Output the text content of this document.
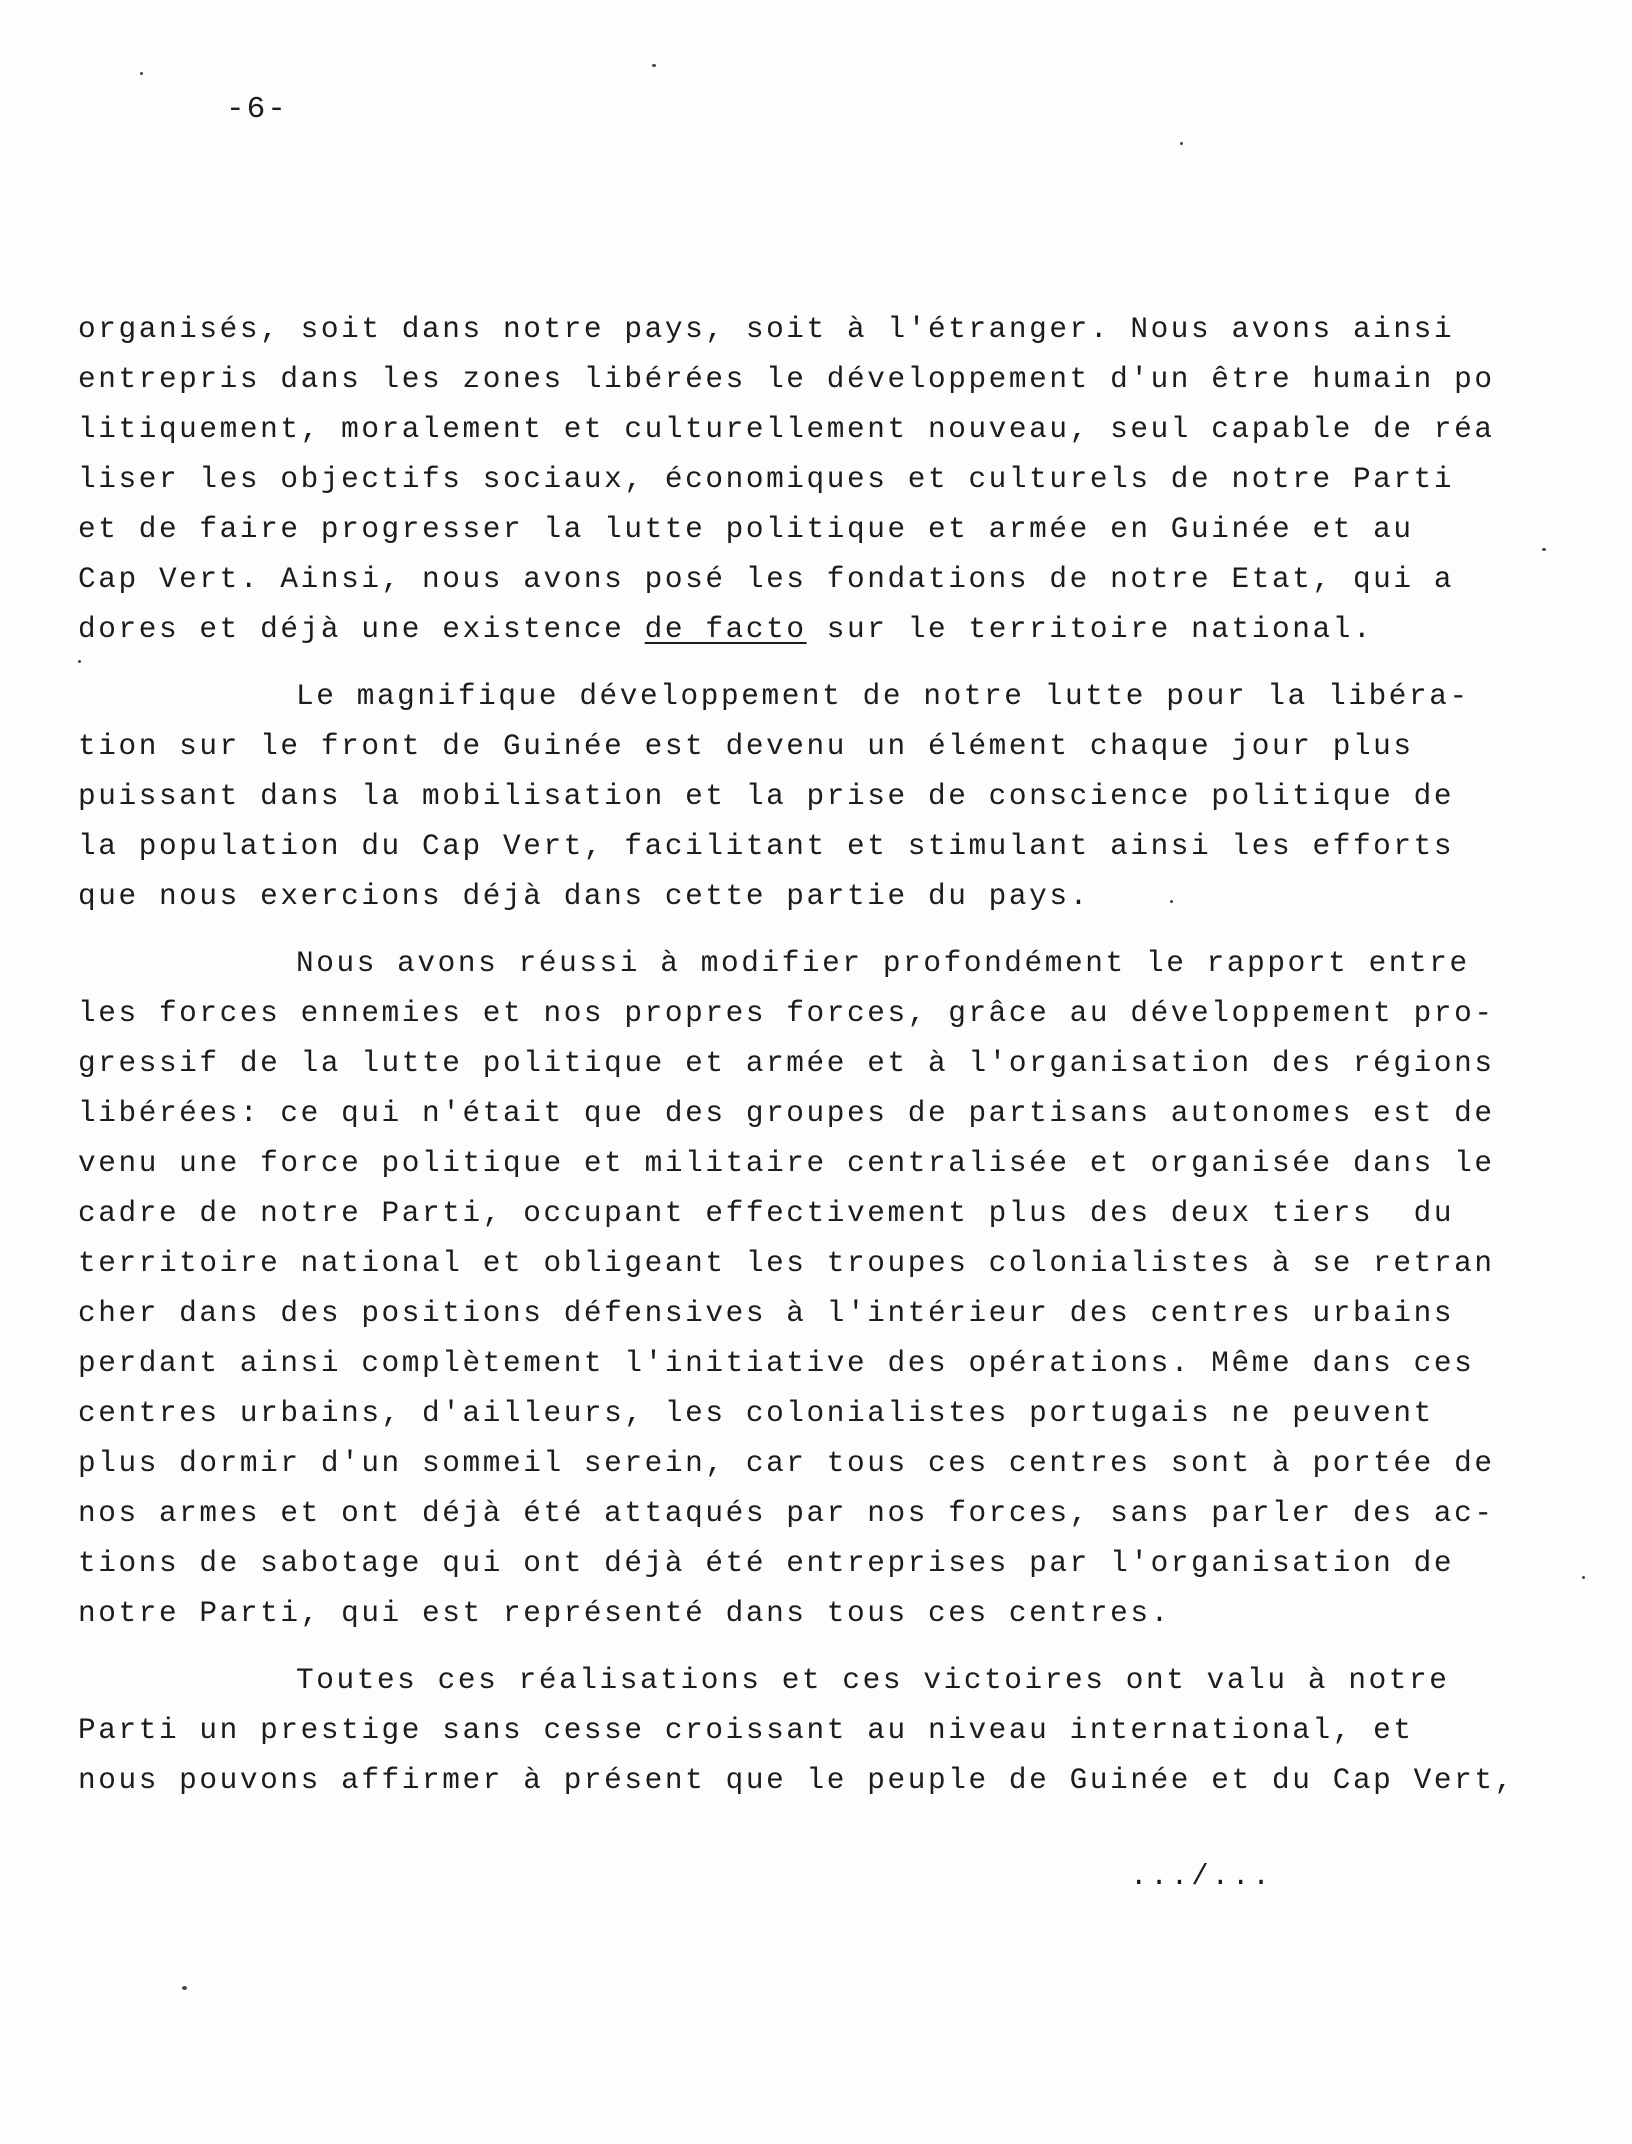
-6-
organisés, soit dans notre pays, soit à l'étranger. Nous avons ainsi
entrepris dans les zones libérées le développement d'un être humain po
litiquement, moralement et culturellement nouveau, seul capable de réa
liser les objectifs sociaux, économiques et culturels de notre Parti
et de faire progresser la lutte politique et armée en Guinée et au
Cap Vert. Ainsi, nous avons posé les fondations de notre Etat, qui a
dores et déjà une existence de facto sur le territoire national.
Le magnifique développement de notre lutte pour la libéra-
tion sur le front de Guinée est devenu un élément chaque jour plus
puissant dans la mobilisation et la prise de conscience politique de
la population du Cap Vert, facilitant et stimulant ainsi les efforts
que nous exercions déjà dans cette partie du pays.
Nous avons réussi à modifier profondément le rapport entre
les forces ennemies et nos propres forces, grâce au développement pro-
gressif de la lutte politique et armée et à l'organisation des régions
libérées: ce qui n'était que des groupes de partisans autonomes est de
venu une force politique et militaire centralisée et organisée dans le
cadre de notre Parti, occupant effectivement plus des deux tiers  du
territoire national et obligeant les troupes colonialistes à se retran
cher dans des positions défensives à l'intérieur des centres urbains
perdant ainsi complètement l'initiative des opérations. Même dans ces
centres urbains, d'ailleurs, les colonialistes portugais ne peuvent
plus dormir d'un sommeil serein, car tous ces centres sont à portée de
nos armes et ont déjà été attaqués par nos forces, sans parler des ac-
tions de sabotage qui ont déjà été entreprises par l'organisation de
notre Parti, qui est représenté dans tous ces centres.
Toutes ces réalisations et ces victoires ont valu à notre
Parti un prestige sans cesse croissant au niveau international, et
nous pouvons affirmer à présent que le peuple de Guinée et du Cap Vert,
.../...
